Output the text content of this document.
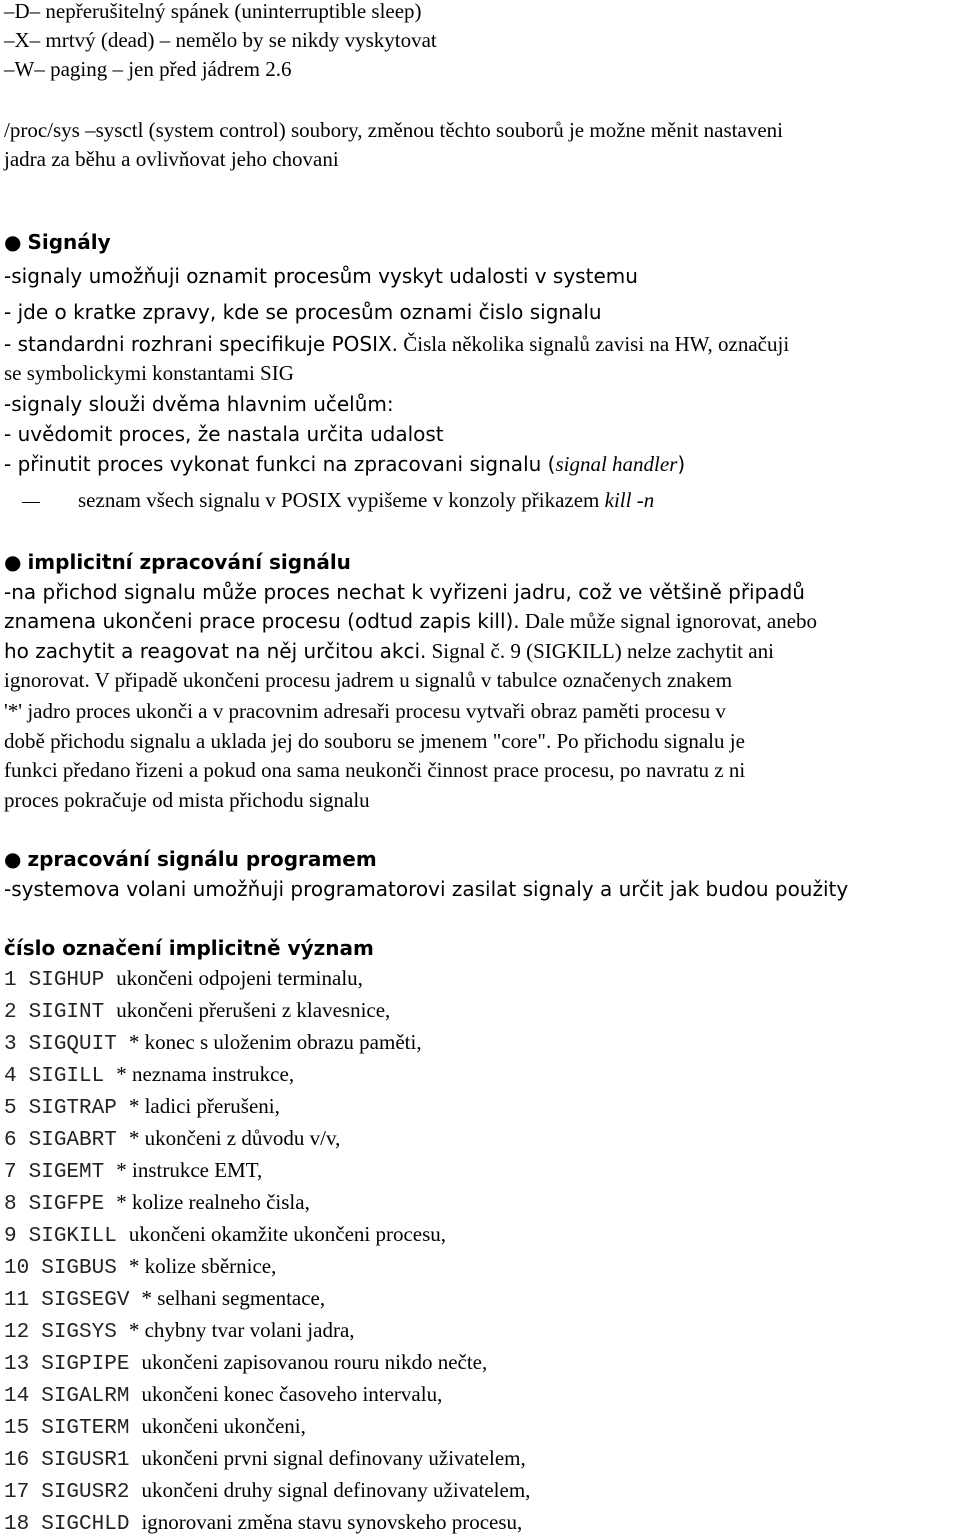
–D– nepřerušitelný spánek (uninterruptible sleep)
–X– mrtvý (dead) – nemělo by se nikdy vyskytovat
–W– paging – jen před jádrem 2.6
/proc/sys –sysctl (system control) soubory, změnou těchto souborů je možne měnit nastaveni
jadra za běhu a ovlivňovat jeho chovani
● Signály
-signaly umožňuji oznamit procesům vyskyt udalosti v systemu
- jde o kratke zpravy, kde se procesům oznami čislo signalu
- standardni rozhrani specifikuje POSIX. Čisla několika signalů zavisi na HW, označuji
se symbolickymi konstantami SIG
-signaly slouži dvěma hlavnim učelům:
- uvědomit proces, že nastala určita udalost
- přinutit proces vykonat funkci na zpracovani signalu (signal handler)
seznam všech signalu v POSIX vypišeme v konzoly přikazem kill -n
● implicitní zpracování signálu
-na přichod signalu může proces nechat k vyřizeni jadru, což ve většině připadů
znamena ukončeni prace procesu (odtud zapis kill). Dale může signal ignorovat, anebo
ho zachytit a reagovat na něj určitou akci. Signal č. 9 (SIGKILL) nelze zachytit ani
ignorovat. V připadě ukončeni procesu jadrem u signalů v tabulce označenych znakem
'*' jadro proces ukonči a v pracovnim adresaři procesu vytvaři obraz paměti procesu v
době přichodu signalu a uklada jej do souboru se jmenem "core". Po přichodu signalu je
funkci předano řizeni a pokud ona sama neukonči činnost prace procesu, po navratu z ni
proces pokračuje od mista přichodu signalu
● zpracování signálu programem
-systemova volani umožňuji programatorovi zasilat signaly a určit jak budou použity
číslo označení implicitně význam
1 SIGHUP ukončeni odpojeni terminalu,
2 SIGINT ukončeni přerušeni z klavesnice,
3 SIGQUIT * konec s uloženim obrazu paměti,
4 SIGILL * neznama instrukce,
5 SIGTRAP * ladici přerušeni,
6 SIGABRT * ukončeni z důvodu v/v,
7 SIGEMT * instrukce EMT,
8 SIGFPE * kolize realneho čisla,
9 SIGKILL ukončeni okamžite ukončeni procesu,
10 SIGBUS * kolize sběrnice,
11 SIGSEGV * selhani segmentace,
12 SIGSYS * chybny tvar volani jadra,
13 SIGPIPE ukončeni zapisovanou rouru nikdo nečte,
14 SIGALRM ukončeni konec časoveho intervalu,
15 SIGTERM ukončeni ukončeni,
16 SIGUSR1 ukončeni prvni signal definovany uživatelem,
17 SIGUSR2 ukončeni druhy signal definovany uživatelem,
18 SIGCHLD ignorovani změna stavu synovskeho procesu,
